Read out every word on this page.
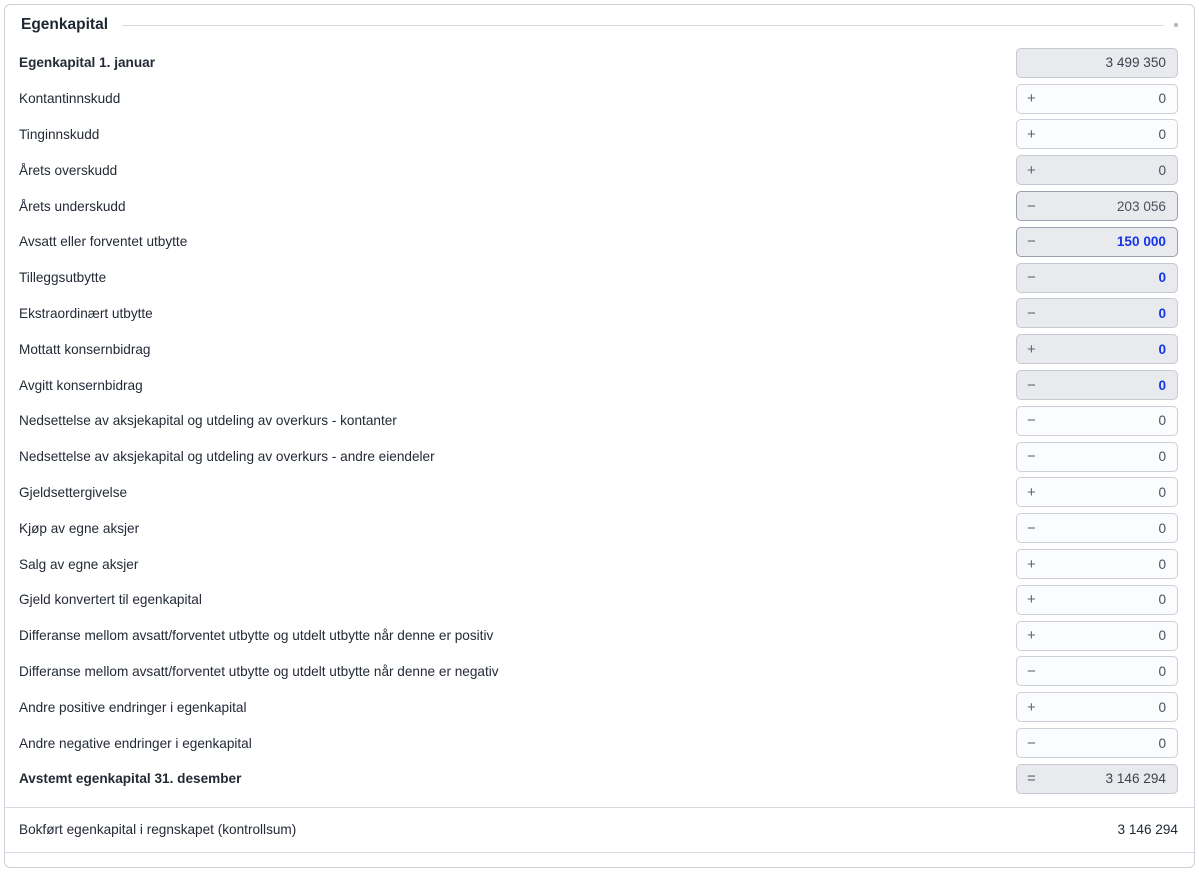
Egenkapital
Egenkapital 1. januar	3 499 350
Kontantinnskudd	+	0
Tinginnskudd	+	0
Årets overskudd	+	0
Årets underskudd	−	203 056
Avsatt eller forventet utbytte	−	150 000
Tilleggsutbytte	−	0
Ekstraordinært utbytte	−	0
Mottatt konsernbidrag	+	0
Avgitt konsernbidrag	−	0
Nedsettelse av aksjekapital og utdeling av overkurs - kontanter	−	0
Nedsettelse av aksjekapital og utdeling av overkurs - andre eiendeler	−	0
Gjeldsettergivelse	+	0
Kjøp av egne aksjer	−	0
Salg av egne aksjer	+	0
Gjeld konvertert til egenkapital	+	0
Differanse mellom avsatt/forventet utbytte og utdelt utbytte når denne er positiv	+	0
Differanse mellom avsatt/forventet utbytte og utdelt utbytte når denne er negativ	−	0
Andre positive endringer i egenkapital	+	0
Andre negative endringer i egenkapital	−	0
Avstemt egenkapital 31. desember	=	3 146 294
Bokført egenkapital i regnskapet (kontrollsum)	3 146 294
